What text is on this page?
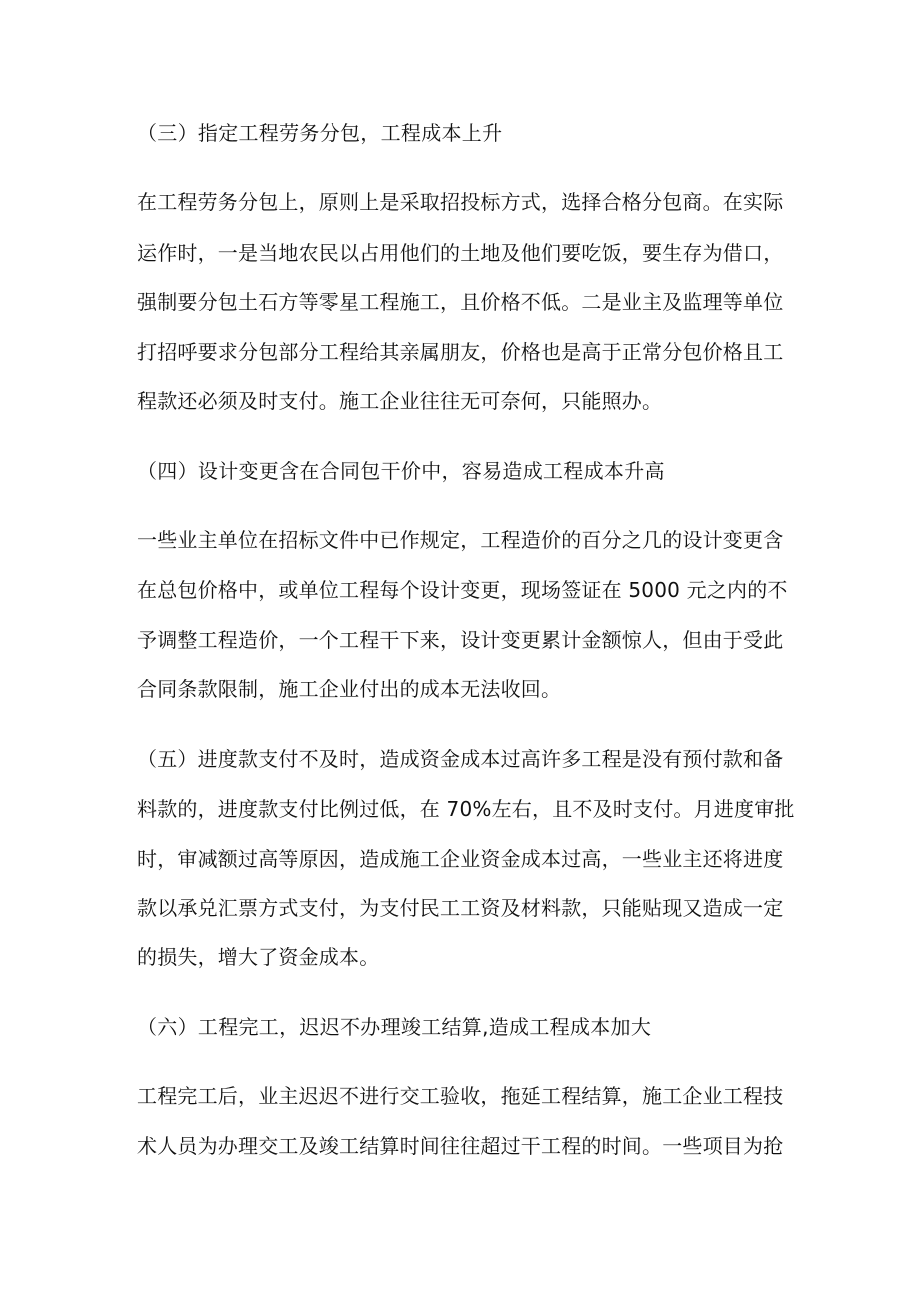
（三）指定工程劳务分包，工程成本上升

在工程劳务分包上，原则上是采取招投标方式，选择合格分包商。在实际

运作时，一是当地农民以占用他们的土地及他们要吃饭，要生存为借口，

强制要分包土石方等零星工程施工，且价格不低。二是业主及监理等单位

打招呼要求分包部分工程给其亲属朋友，价格也是高于正常分包价格且工

程款还必须及时支付。施工企业往往无可奈何，只能照办。

（四）设计变更含在合同包干价中，容易造成工程成本升高

一些业主单位在招标文件中已作规定，工程造价的百分之几的设计变更含

在总包价格中，或单位工程每个设计变更，现场签证在 5000 元之内的不

予调整工程造价，一个工程干下来，设计变更累计金额惊人，但由于受此

合同条款限制，施工企业付出的成本无法收回。

（五）进度款支付不及时，造成资金成本过高许多工程是没有预付款和备

料款的，进度款支付比例过低，在 70%左右，且不及时支付。月进度审批

时，审减额过高等原因，造成施工企业资金成本过高，一些业主还将进度

款以承兑汇票方式支付，为支付民工工资及材料款，只能贴现又造成一定

的损失，增大了资金成本。

（六）工程完工，迟迟不办理竣工结算,造成工程成本加大

工程完工后，业主迟迟不进行交工验收，拖延工程结算，施工企业工程技

术人员为办理交工及竣工结算时间往往超过干工程的时间。一些项目为抢
